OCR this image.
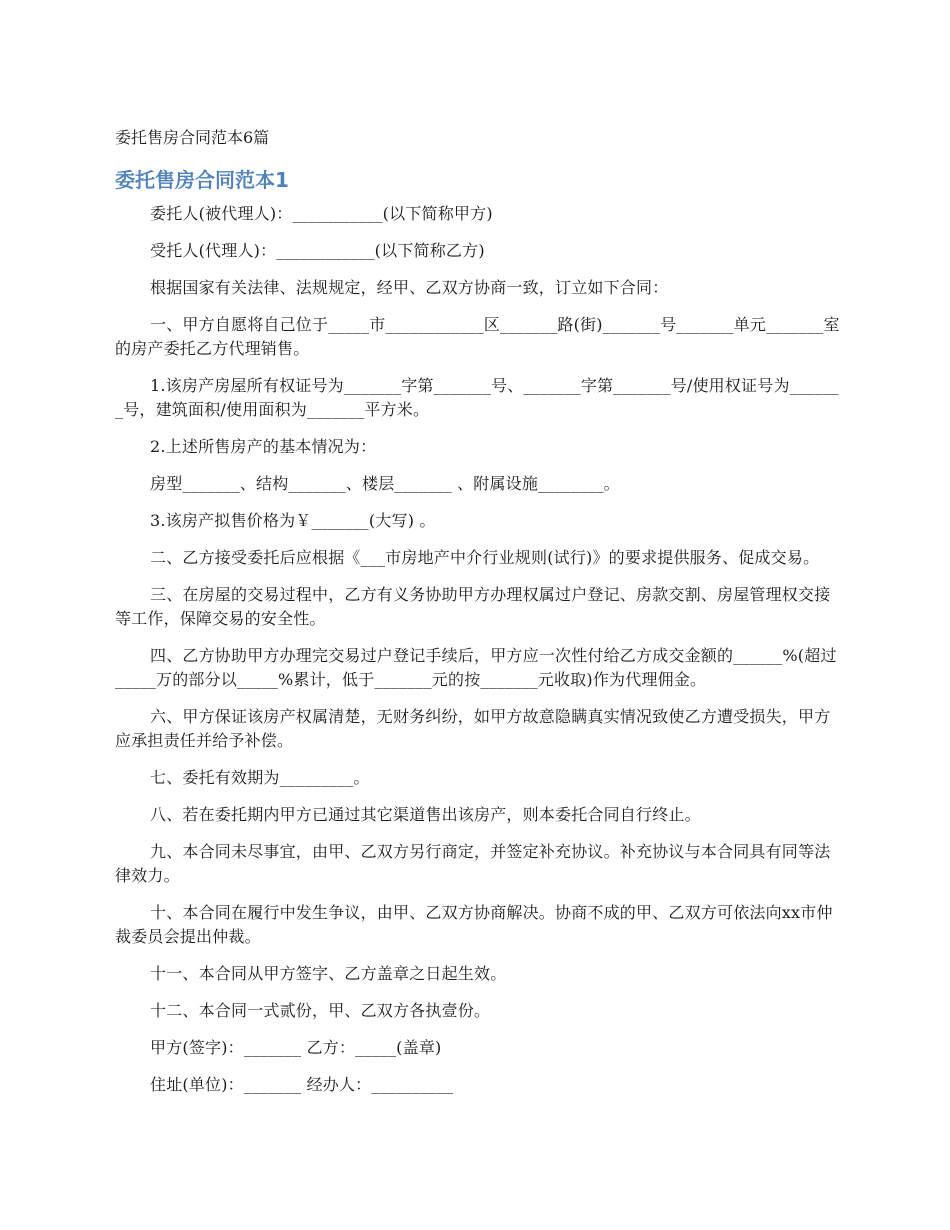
委托售房合同范本6篇

委托售房合同范本1

委托人(被代理人)：___________(以下简称甲方)

受托人(代理人)：____________(以下简称乙方)

根据国家有关法律、法规规定，经甲、乙双方协商一致，订立如下合同：

一、甲方自愿将自己位于_____市____________区_______路(街)_______号_______单元_______室的房产委托乙方代理销售。

1.该房产房屋所有权证号为_______字第_______号、_______字第_______号/使用权证号为_______号，建筑面积/使用面积为_______平方米。

2.上述所售房产的基本情况为：

房型_______、结构_______、楼层_______ 、附属设施________。

3.该房产拟售价格为￥_______(大写) 。

二、乙方接受委托后应根据《___市房地产中介行业规则(试行)》的要求提供服务、促成交易。

三、在房屋的交易过程中，乙方有义务协助甲方办理权属过户登记、房款交割、房屋管理权交接等工作，保障交易的安全性。

四、乙方协助甲方办理完交易过户登记手续后，甲方应一次性付给乙方成交金额的______%(超过_____万的部分以_____%累计，低于_______元的按_______元收取)作为代理佣金。

六、甲方保证该房产权属清楚，无财务纠纷，如甲方故意隐瞒真实情况致使乙方遭受损失，甲方应承担责任并给予补偿。

七、委托有效期为_________。

八、若在委托期内甲方已通过其它渠道售出该房产，则本委托合同自行终止。

九、本合同未尽事宜，由甲、乙双方另行商定，并签定补充协议。补充协议与本合同具有同等法律效力。

十、本合同在履行中发生争议，由甲、乙双方协商解决。协商不成的甲、乙双方可依法向xx市仲裁委员会提出仲裁。

十一、本合同从甲方签字、乙方盖章之日起生效。

十二、本合同一式贰份，甲、乙双方各执壹份。

甲方(签字)：_______ 乙方：_____(盖章)

住址(单位)：_______ 经办人：__________
